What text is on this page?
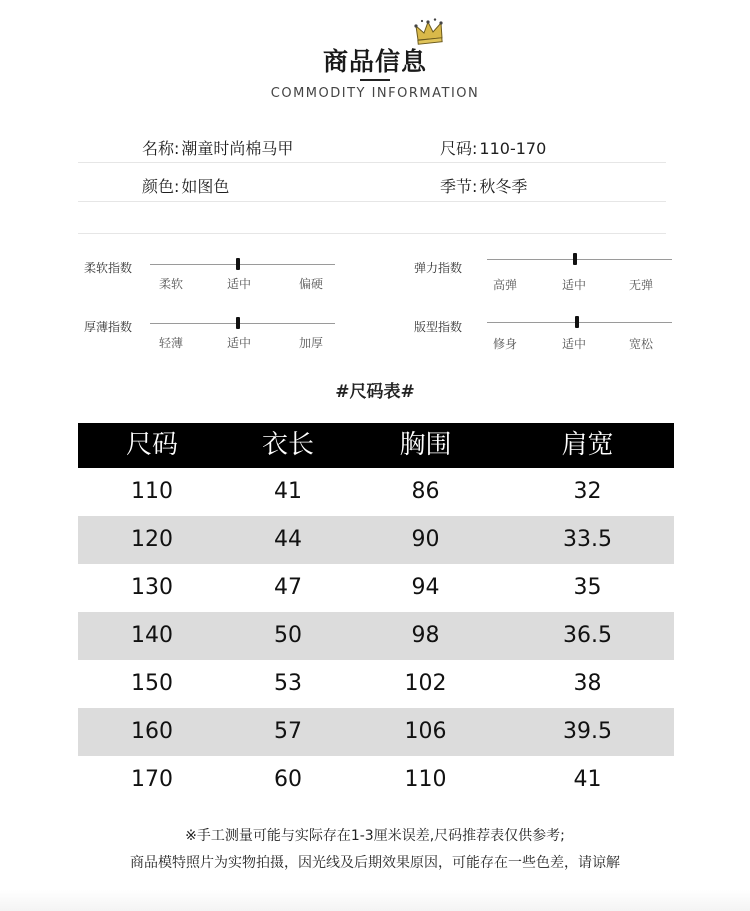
商品信息
COMMODITY INFORMATION
名称: 潮童时尚棉马甲	尺码: 110-170
颜色: 如图色	季节: 秋冬季
柔软指数
柔软	适中	偏硬
弹力指数
高弹	适中	无弹
厚薄指数
轻薄	适中	加厚
版型指数
修身	适中	宽松
#尺码表#
尺码	衣长	胸围	肩宽
110	41	86	32
120	44	90	33.5
130	47	94	35
140	50	98	36.5
150	53	102	38
160	57	106	39.5
170	60	110	41
※手工测量可能与实际存在1-3厘米误差,尺码推荐表仅供参考;
商品模特照片为实物拍摄，因光线及后期效果原因，可能存在一些色差，请谅解
